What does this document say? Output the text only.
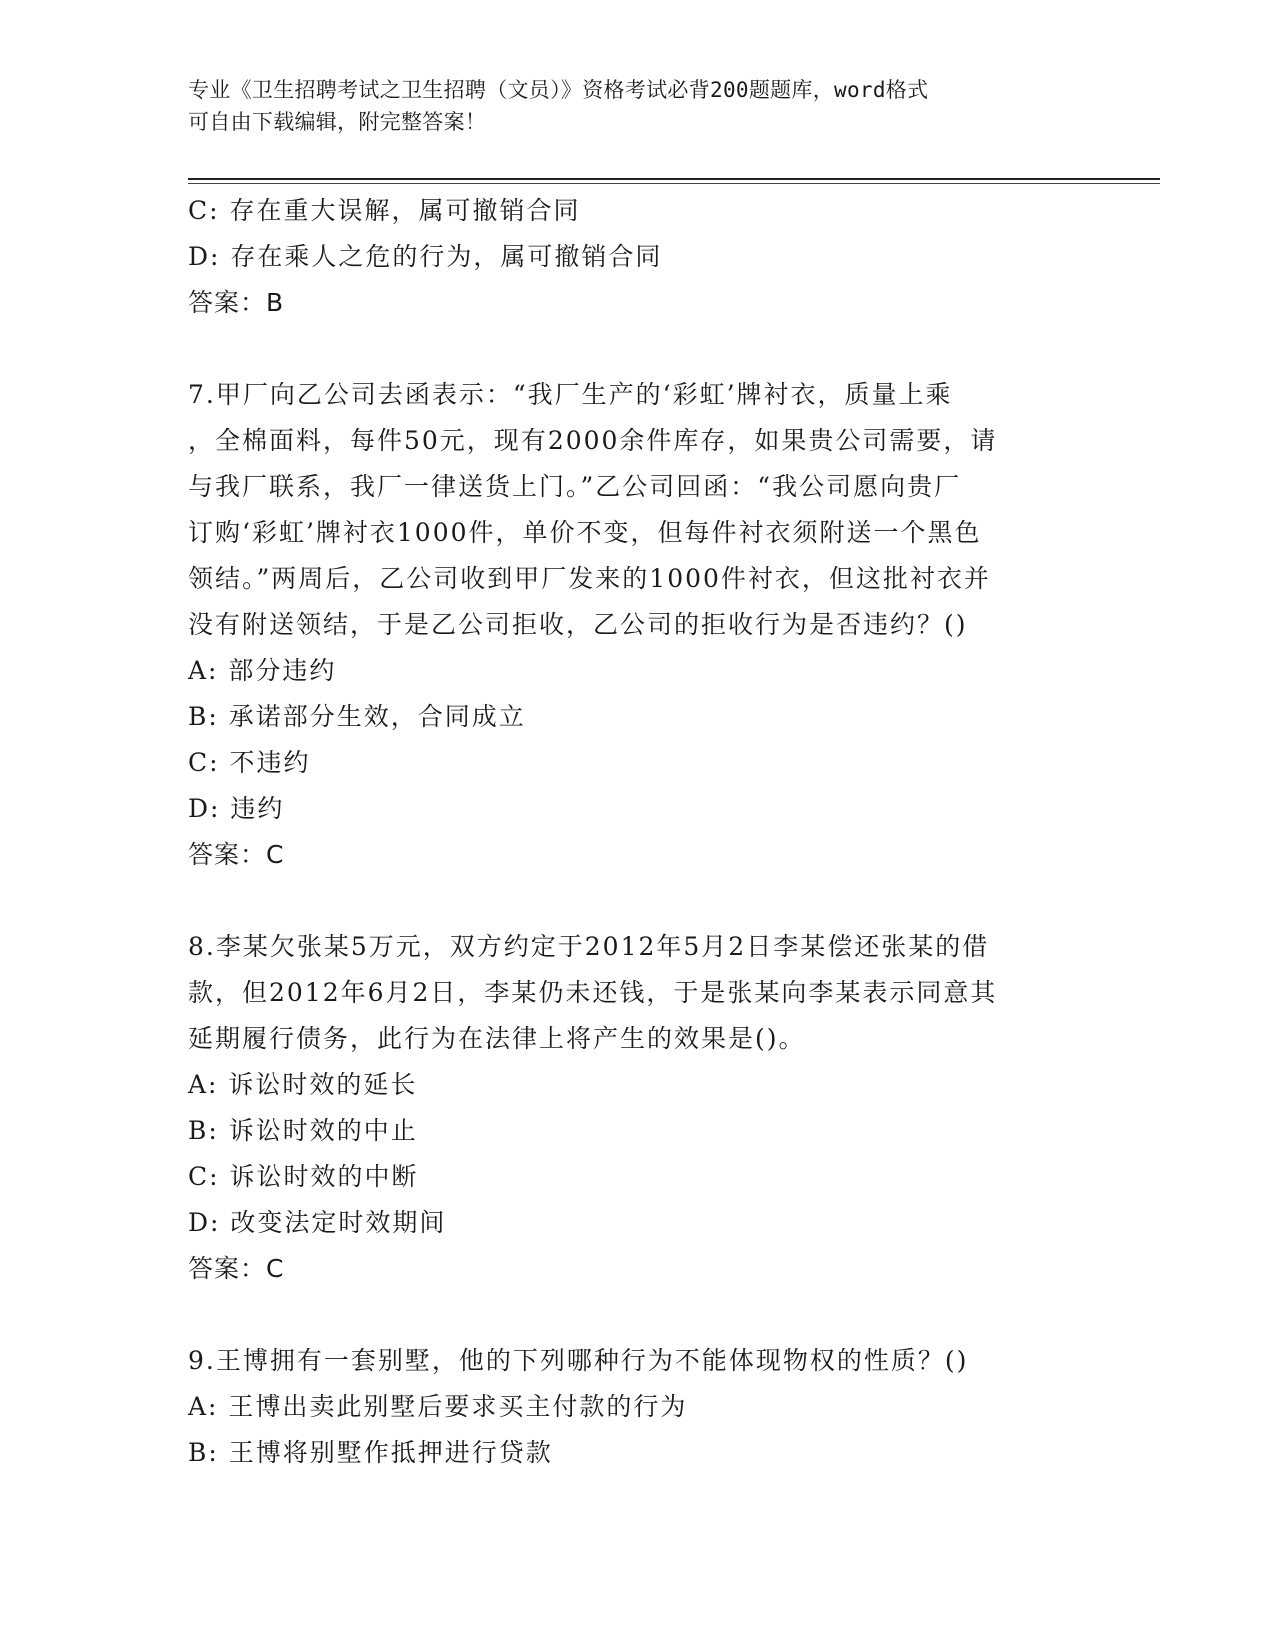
专业《卫生招聘考试之卫生招聘（文员）》资格考试必背200题题库，word格式
可自由下载编辑，附完整答案！
C: 存在重大误解，属可撤销合同
D: 存在乘人之危的行为，属可撤销合同
答案：B
7.甲厂向乙公司去函表示：“我厂生产的‘彩虹’牌衬衣，质量上乘
，全棉面料，每件50元，现有2000余件库存，如果贵公司需要，请
与我厂联系，我厂一律送货上门。”乙公司回函：“我公司愿向贵厂
订购‘彩虹’牌衬衣1000件，单价不变，但每件衬衣须附送一个黑色
领结。”两周后，乙公司收到甲厂发来的1000件衬衣，但这批衬衣并
没有附送领结，于是乙公司拒收，乙公司的拒收行为是否违约？()
A: 部分违约
B: 承诺部分生效，合同成立
C: 不违约
D: 违约
答案：C
8.李某欠张某5万元，双方约定于2012年5月2日李某偿还张某的借
款，但2012年6月2日，李某仍未还钱，于是张某向李某表示同意其
延期履行债务，此行为在法律上将产生的效果是()。
A: 诉讼时效的延长
B: 诉讼时效的中止
C: 诉讼时效的中断
D: 改变法定时效期间
答案：C
9.王博拥有一套别墅，他的下列哪种行为不能体现物权的性质？()
A: 王博出卖此别墅后要求买主付款的行为
B: 王博将别墅作抵押进行贷款
